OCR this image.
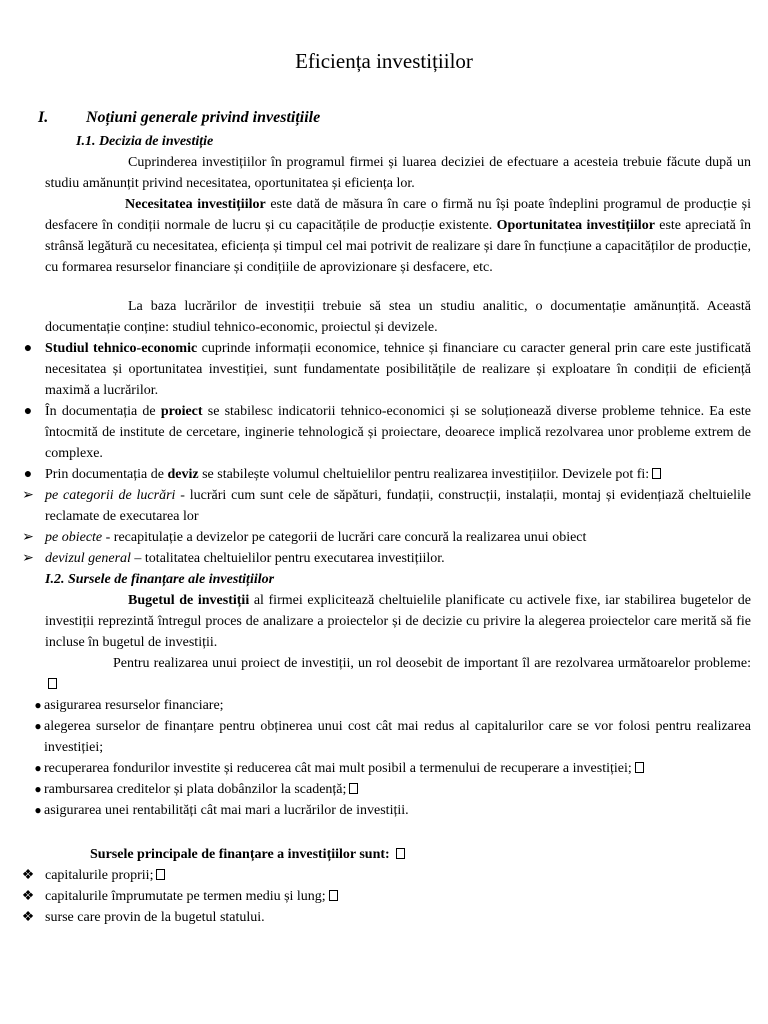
Eficiența investițiilor
I. Noțiuni generale privind investițiile
I.1. Decizia de investiție

Cuprinderea investițiilor în programul firmei și luarea deciziei de efectuare a acesteia trebuie făcute după un studiu amănunțit privind necesitatea, oportunitatea și eficiența lor.

Necesitatea investițiilor este dată de măsura în care o firmă nu își poate îndeplini programul de producție și desfacere în condiții normale de lucru și cu capacitățile de producție existente. Oportunitatea investițiilor este apreciată în strânsă legătură cu necesitatea, eficiența și timpul cel mai potrivit de realizare și dare în funcțiune a capacităților de producție, cu formarea resurselor financiare și condițiile de aprovizionare și desfacere, etc.

La baza lucrărilor de investiții trebuie să stea un studiu analitic, o documentație amănunțită. Această documentație conține: studiul tehnico-economic, proiectul și devizele.

● Studiul tehnico-economic cuprinde informații economice, tehnice și financiare cu caracter general prin care este justificată necesitatea și oportunitatea investiției, sunt fundamentate posibilitățile de realizare și exploatare în condiții de eficiență maximă a lucrărilor.
● În documentația de proiect se stabilesc indicatorii tehnico-economici și se soluționează diverse probleme tehnice. Ea este întocmită de institute de cercetare, inginerie tehnologică și proiectare, deoarece implică rezolvarea unor probleme extrem de complexe.
● Prin documentația de deviz se stabilește volumul cheltuielilor pentru realizarea investițiilor. Devizele pot fi:
➢ pe categorii de lucrări - lucrări cum sunt cele de săpături, fundații, construcții, instalații, montaj și evidențiază cheltuielile reclamate de executarea lor
➢ pe obiecte - recapitulație a devizelor pe categorii de lucrări care concură la realizarea unui obiect
➢ devizul general – totalitatea cheltuielilor pentru executarea investițiilor.
I.2. Sursele de finanțare ale investițiilor

Bugetul de investiții al firmei explicitează cheltuielile planificate cu activele fixe, iar stabilirea bugetelor de investiții reprezintă întregul proces de analizare a proiectelor și de decizie cu privire la alegerea proiectelor care merită să fie incluse în bugetul de investiții.

Pentru realizarea unui proiect de investiții, un rol deosebit de important îl are rezolvarea următoarelor probleme:

● asigurarea resurselor financiare;
● alegerea surselor de finanțare pentru obținerea unui cost cât mai redus al capitalurilor care se vor folosi pentru realizarea investiției;
● recuperarea fondurilor investite și reducerea cât mai mult posibil a termenului de recuperare a investiției;
● rambursarea creditelor și plata dobânzilor la scadență;
● asigurarea unei rentabilități cât mai mari a lucrărilor de investiții.
Sursele principale de finanțare a investițiilor sunt:
❖ capitalurile proprii;
❖ capitalurile împrumutate pe termen mediu și lung;
❖ surse care provin de la bugetul statului.
